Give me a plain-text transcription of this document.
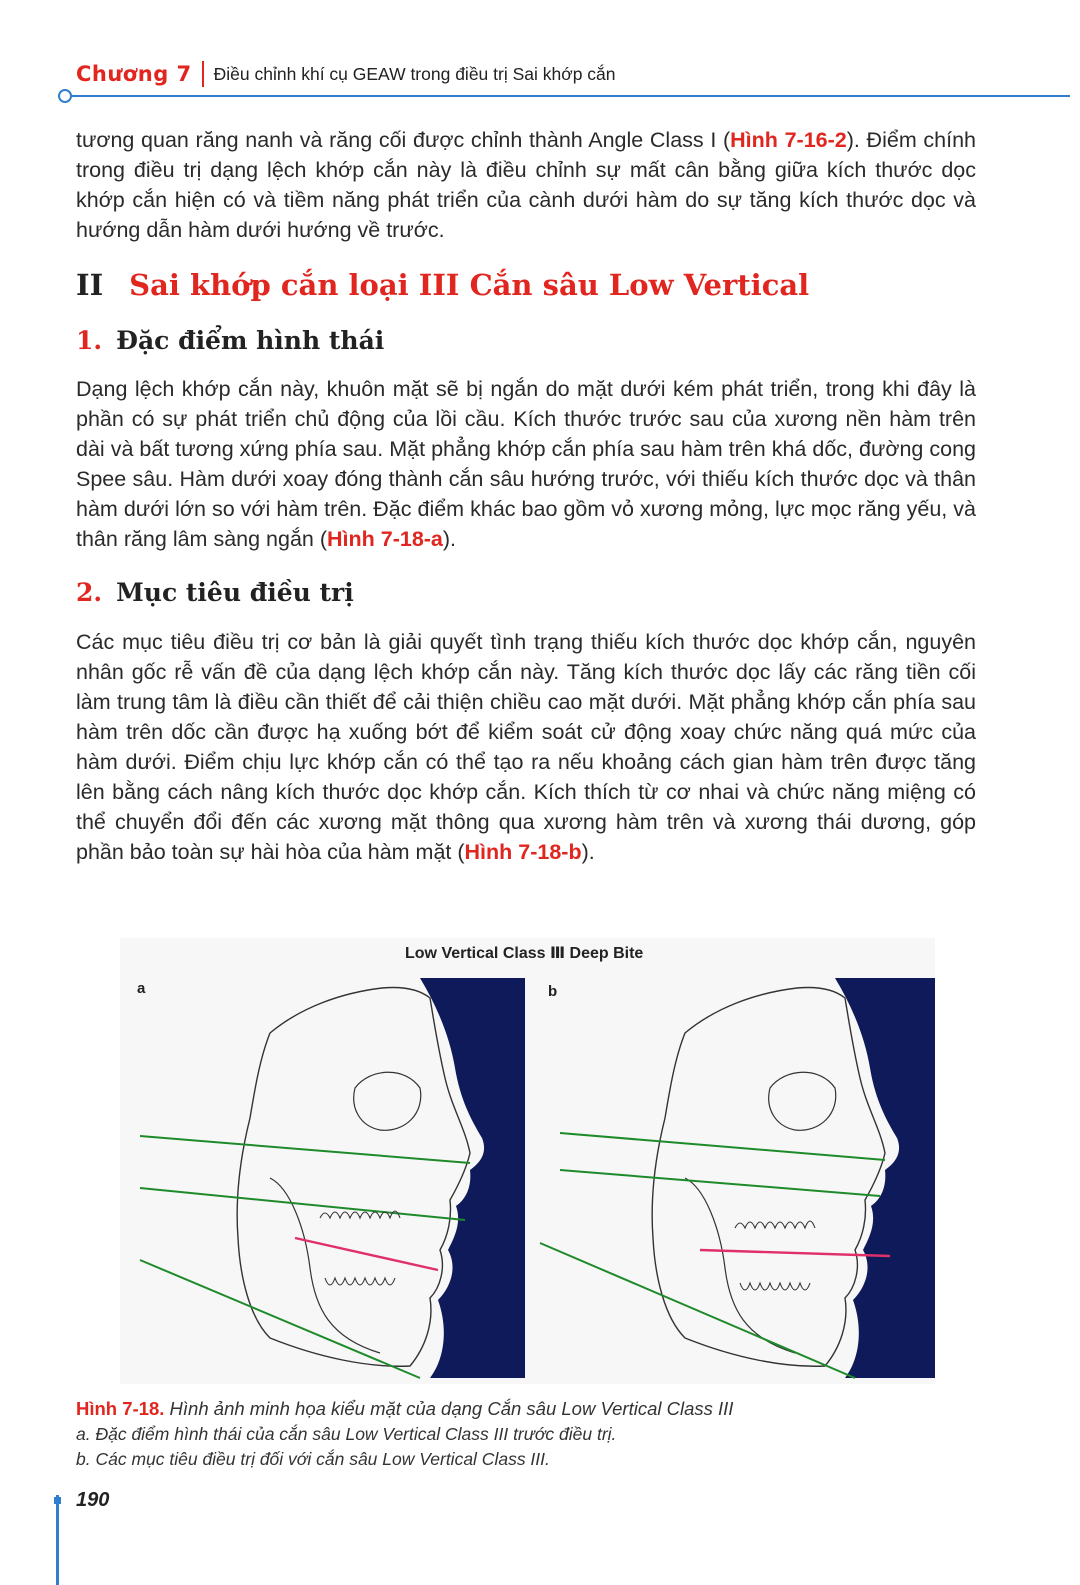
Chương 7 Điều chỉnh khí cụ GEAW trong điều trị Sai khớp cắn

tương quan răng nanh và răng cối được chỉnh thành Angle Class I (Hình 7-16-2). Điểm chính trong điều trị dạng lệch khớp cắn này là điều chỉnh sự mất cân bằng giữa kích thước dọc khớp cắn hiện có và tiềm năng phát triển của cành dưới hàm do sự tăng kích thước dọc và hướng dẫn hàm dưới hướng về trước.

II Sai khớp cắn loại III Cắn sâu Low Vertical
1. Đặc điểm hình thái

Dạng lệch khớp cắn này, khuôn mặt sẽ bị ngắn do mặt dưới kém phát triển, trong khi đây là phần có sự phát triển chủ động của lồi cầu. Kích thước trước sau của xương nền hàm trên dài và bất tương xứng phía sau. Mặt phẳng khớp cắn phía sau hàm trên khá dốc, đường cong Spee sâu. Hàm dưới xoay đóng thành cắn sâu hướng trước, với thiếu kích thước dọc và thân hàm dưới lớn so với hàm trên. Đặc điểm khác bao gồm vỏ xương mỏng, lực mọc răng yếu, và thân răng lâm sàng ngắn (Hình 7-18-a).

2. Mục tiêu điều trị

Các mục tiêu điều trị cơ bản là giải quyết tình trạng thiếu kích thước dọc khớp cắn, nguyên nhân gốc rễ vấn đề của dạng lệch khớp cắn này. Tăng kích thước dọc lấy các răng tiền cối làm trung tâm là điều cần thiết để cải thiện chiều cao mặt dưới. Mặt phẳng khớp cắn phía sau hàm trên dốc cần được hạ xuống bớt để kiểm soát cử động xoay chức năng quá mức của hàm dưới. Điểm chịu lực khớp cắn có thể tạo ra nếu khoảng cách gian hàm trên được tăng lên bằng cách nâng kích thước dọc khớp cắn. Kích thích từ cơ nhai và chức năng miệng có thể chuyển đổi đến các xương mặt thông qua xương hàm trên và xương thái dương, góp phần bảo toàn sự hài hòa của hàm mặt (Hình 7-18-b).

Low Vertical Class Ⅲ Deep Bite

a	b

Hình 7-18. Hình ảnh minh họa kiểu mặt của dạng Cắn sâu Low Vertical Class III

a. Đặc điểm hình thái của cắn sâu Low Vertical Class III trước điều trị.

b. Các mục tiêu điều trị đối với cắn sâu Low Vertical Class III.

190
